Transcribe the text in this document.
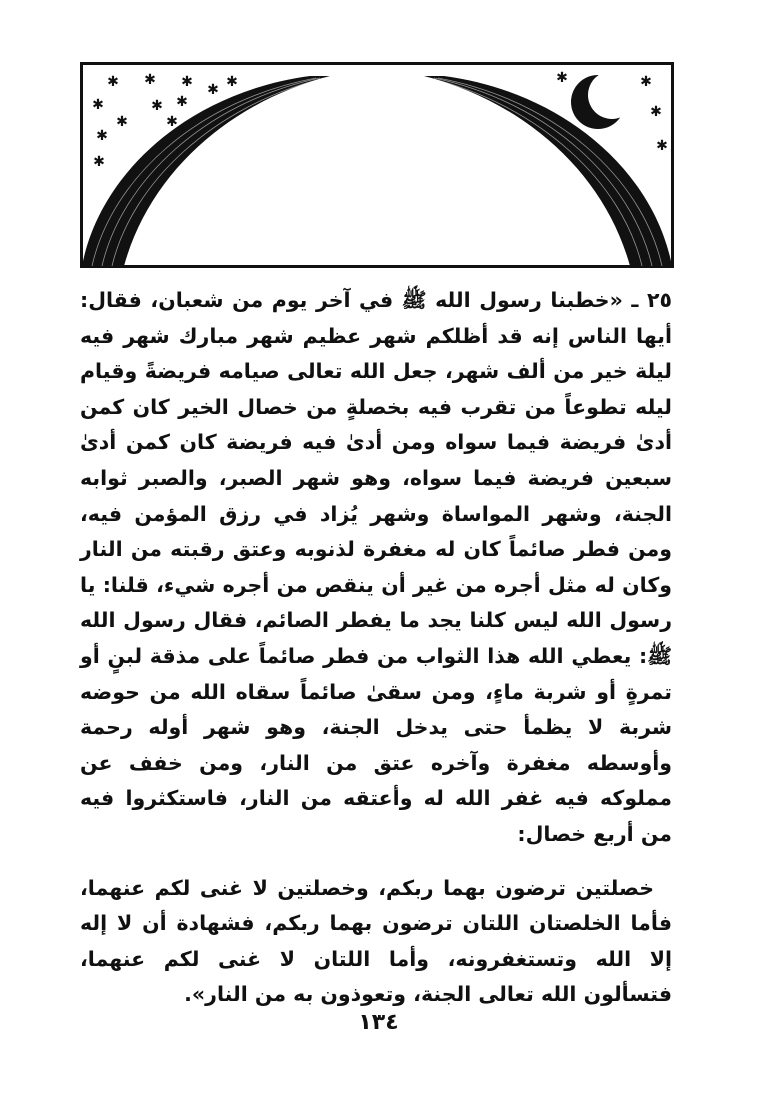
✱ ✱ ✱ ✱
✱	✱ ✱
✱
✱
✱
✱
✱
✱
✱
✱
✱

٢٥ ـ «خطبنا رسول الله ﷺ في آخر يوم من شعبان، فقال: أيها الناس إنه قد أظلكم شهر عظيم شهر مبارك شهر فيه ليلة خير من ألف شهر، جعل الله تعالى صيامه فريضةً وقيام ليله تطوعاً من تقرب فيه بخصلةٍ من خصال الخير كان كمن أدىٰ فريضة فيما سواه ومن أدىٰ فيه فريضة كان كمن أدىٰ سبعين فريضة فيما سواه، وهو شهر الصبر، والصبر ثوابه الجنة، وشهر المواساة وشهر يُزاد في رزق المؤمن فيه، ومن فطر صائماً كان له مغفرة لذنوبه وعتق رقبته من النار وكان له مثل أجره من غير أن ينقص من أجره شيء، قلنا: يا رسول الله ليس كلنا يجد ما يفطر الصائم، فقال رسول الله ﷺ: يعطي الله هذا الثواب من فطر صائماً على مذقة لبنٍ أو تمرةٍ أو شربة ماءٍ، ومن سقىٰ صائماً سقاه الله من حوضه شربة لا يظمأ حتى يدخل الجنة، وهو شهر أوله رحمة وأوسطه مغفرة وآخره عتق من النار، ومن خفف عن مملوكه فيه غفر الله له وأعتقه من النار، فاستكثروا فيه من أربع خصال:

خصلتين ترضون بهما ربكم، وخصلتين لا غنى لكم عنهما، فأما الخلصتان اللتان ترضون بهما ربكم، فشهادة أن لا إله إلا الله وتستغفرونه، وأما اللتان لا غنى لكم عنهما، فتسألون الله تعالى الجنة، وتعوذون به من النار».

١٣٤
